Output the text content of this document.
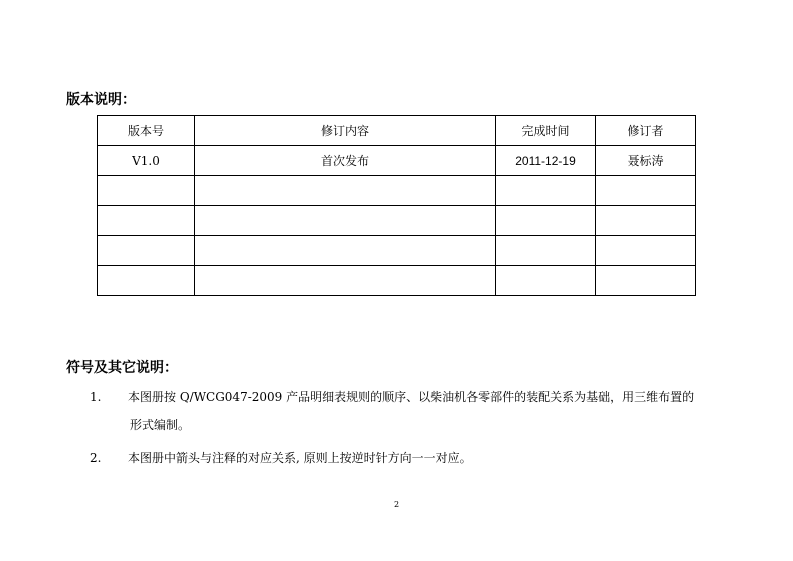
版本说明：
版本号	修订内容	完成时间	修订者
V1.0	首次发布	2011-12-19	聂标涛

符号及其它说明：
1. 本图册按 Q/WCG047-2009 产品明细表规则的顺序、以柴油机各零部件的装配关系为基础，用三维布置的
形式编制。
2. 本图册中箭头与注释的对应关系, 原则上按逆时针方向一一对应。
2
